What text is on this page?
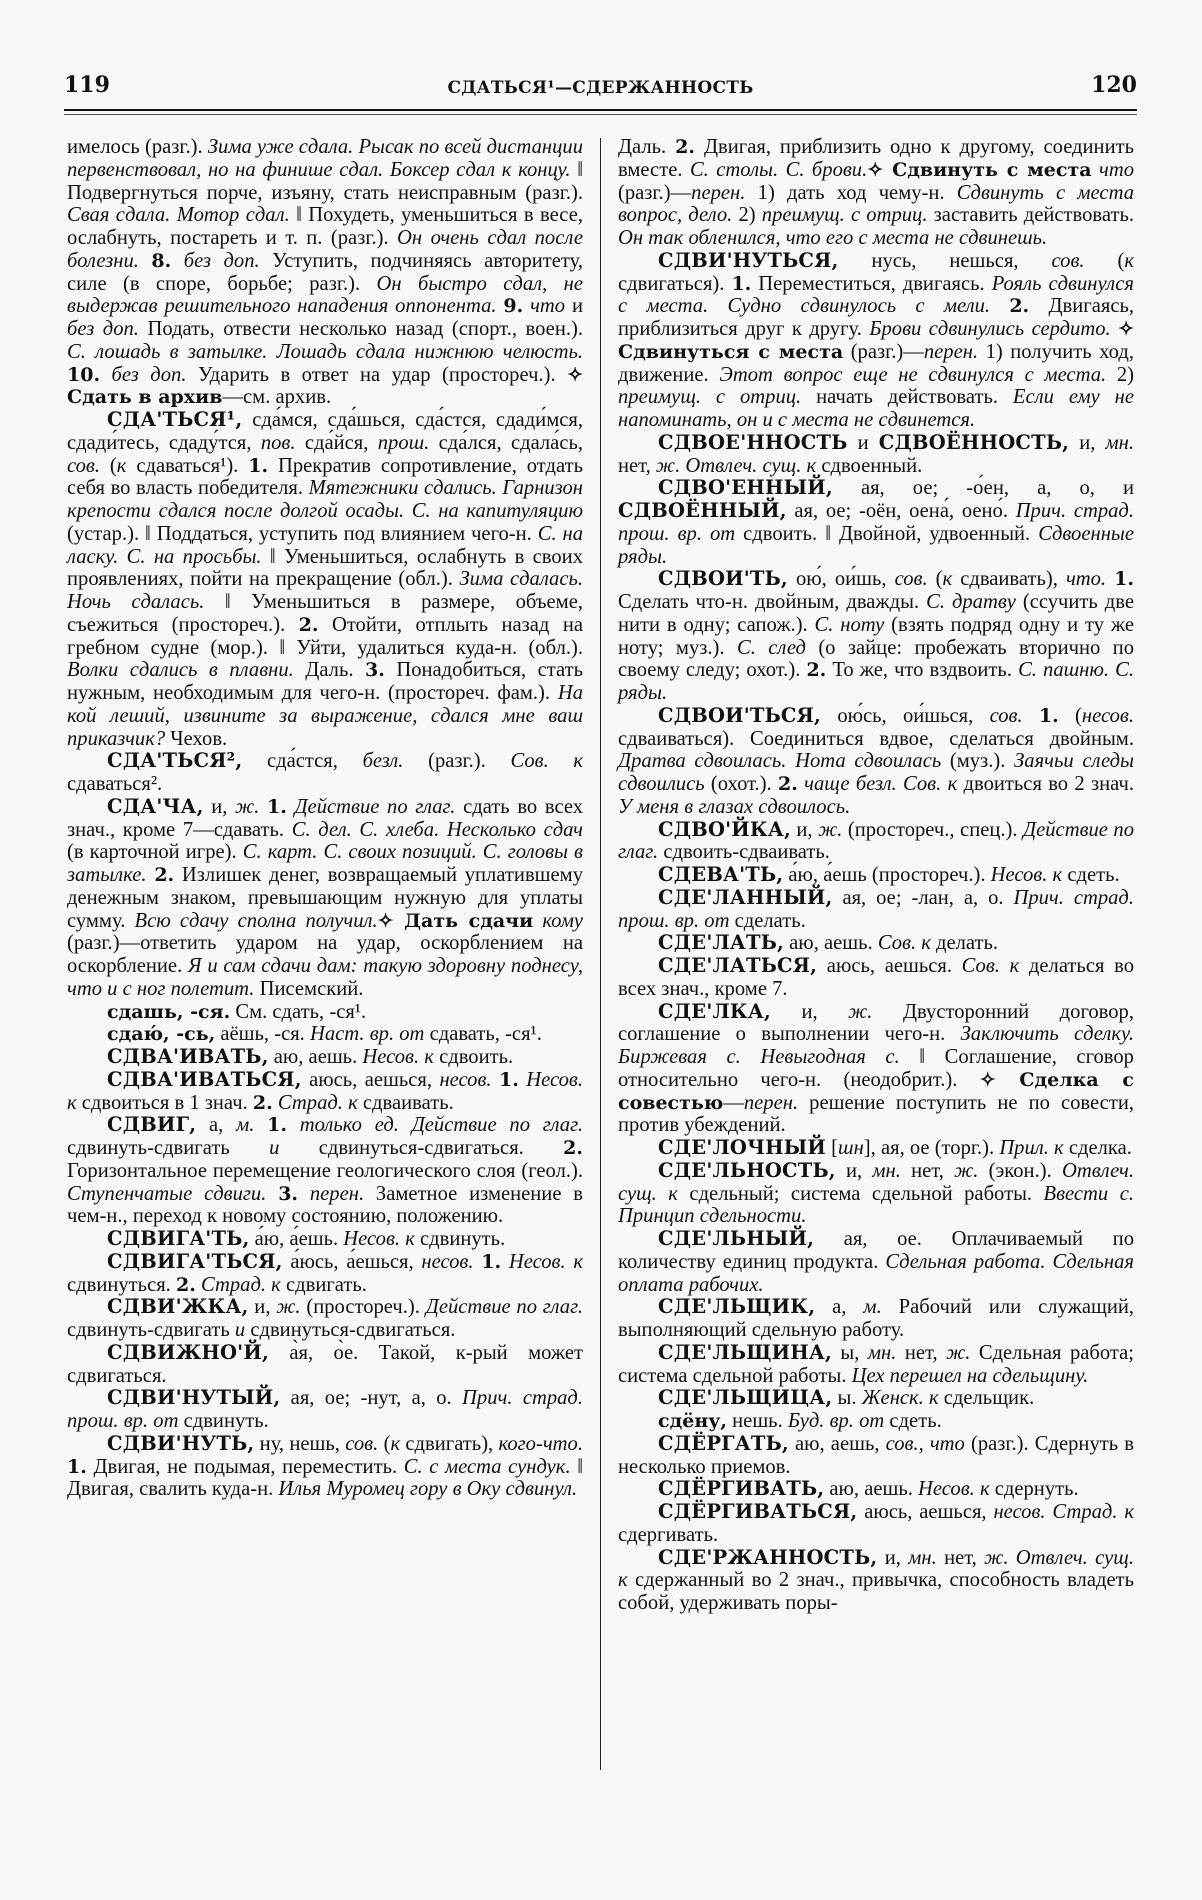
119	СДАТЬСЯ¹—СДЕРЖАННОСТЬ	120

имелось (разг.). Зима уже сдала. Рысак по всей дистанции первенствовал, но на финише сдал. Боксер сдал к концу. ‖ Подвергнуться порче, изъяну, стать неисправным (разг.). Свая сдала. Мотор сдал. ‖ Похудеть, уменьшиться в весе, ослабнуть, постареть и т. п. (разг.). Он очень сдал после болезни. 8. без доп. Уступить, подчиняясь авторитету, силе (в споре, борьбе; разг.). Он быстро сдал, не выдержав решительного нападения оппонента. 9. что и без доп. Подать, отвести несколько назад (спорт., воен.). С. лошадь в затылке. Лошадь сдала нижнюю челюсть. 10. без доп. Ударить в ответ на удар (простореч.). ✧ Сдать в архив—см. архив.

СДА'ТЬСЯ¹, сда́мся, сда́шься, сда́стся, сдади́мся, сдади́тесь, сдаду́тся, пов. сда́йся, прош. сда́лся, сдала́сь, сов. (к сдаваться¹). 1. Прекратив сопротивление, отдать себя во власть победителя. Мятежники сдались. Гарнизон крепости сдался после долгой осады. С. на капитуляцию (устар.). ‖ Поддаться, уступить под влиянием чего-н. С. на ласку. С. на просьбы. ‖ Уменьшиться, ослабнуть в своих проявлениях, пойти на прекращение (обл.). Зима сдалась. Ночь сдалась. ‖ Уменьшиться в размере, объеме, съежиться (простореч.). 2. Отойти, отплыть назад на гребном судне (мор.). ‖ Уйти, удалиться куда-н. (обл.). Волки сдались в плавни. Даль. 3. Понадобиться, стать нужным, необходимым для чего-н. (простореч. фам.). На кой леший, извините за выражение, сдался мне ваш приказчик? Чехов.

СДА'ТЬСЯ², сда́стся, безл. (разг.). Сов. к сдаваться².

СДА'ЧА, и, ж. 1. Действие по глаг. сдать во всех знач., кроме 7—сдавать. С. дел. С. хлеба. Несколько сдач (в карточной игре). С. карт. С. своих позиций. С. головы в затылке. 2. Излишек денег, возвращаемый уплатившему денежным знаком, превышающим нужную для уплаты сумму. Всю сдачу сполна получил.✧ Дать сдачи кому (разг.)—ответить ударом на удар, оскорблением на оскорбление. Я и сам сдачи дам: такую здоровну поднесу, что и с ног полетит. Писемский.

сдашь, -ся. См. сдать, -ся¹.

сдаю́, -сь, аёшь, -ся. Наст. вр. от сдавать, -ся¹.

СДВА'ИВАТЬ, аю, аешь. Несов. к сдвоить.

СДВА'ИВАТЬСЯ, аюсь, аешься, несов. 1. Несов. к сдвоиться в 1 знач. 2. Страд. к сдваивать.

СДВИГ, а, м. 1. только ед. Действие по глаг. сдвинуть-сдвигать и сдвинуться-сдвигаться. 2. Горизонтальное перемещение геологического слоя (геол.). Ступенчатые сдвиги. 3. перен. Заметное изменение в чем-н., переход к новому состоянию, положению.

СДВИГА'ТЬ, а́ю, а́ешь. Несов. к сдвинуть.

СДВИГА'ТЬСЯ, а́юсь, а́ешься, несов. 1. Несов. к сдвинуться. 2. Страд. к сдвигать.

СДВИ'ЖКА, и, ж. (простореч.). Действие по глаг. сдвинуть-сдвигать и сдвинуться-сдвигаться.

СДВИЖНО'Й, а̀я, о̀е. Такой, к-рый может сдвигаться.

СДВИ'НУТЫЙ, ая, ое; -нут, а, о. Прич. страд. прош. вр. от сдвинуть.

СДВИ'НУТЬ, ну, нешь, сов. (к сдвигать), кого-что. 1. Двигая, не подымая, переместить. С. с места сундук. ‖ Двигая, свалить куда-н. Илья Муромец гору в Оку сдвинул.

Даль. 2. Двигая, приблизить одно к другому, соединить вместе. С. столы. С. брови.✧ Сдвинуть с места что (разг.)—перен. 1) дать ход чему-н. Сдвинуть с места вопрос, дело. 2) преимущ. с отриц. заставить действовать. Он так обленился, что его с места не сдвинешь.

СДВИ'НУТЬСЯ, нусь, нешься, сов. (к сдвигаться). 1. Переместиться, двигаясь. Рояль сдвинулся с места. Судно сдвинулось с мели. 2. Двигаясь, приблизиться друг к другу. Брови сдвинулись сердито. ✧ Сдвинуться с места (разг.)—перен. 1) получить ход, движение. Этот вопрос еще не сдвинулся с места. 2) преимущ. с отриц. начать действовать. Если ему не напоминать, он и с места не сдвинется.

СДВОЕ'ННОСТЬ и СДВОЁННОСТЬ, и, мн. нет, ж. Отвлеч. сущ. к сдвоенный.

СДВО'ЕННЫЙ, ая, ое; -о́ен, а, о, и СДВОЁННЫЙ, ая, ое; -оён, оена́, оено́. Прич. страд. прош. вр. от сдвоить. ‖ Двойной, удвоенный. Сдвоенные ряды.

СДВОИ'ТЬ, ою́, ои́шь, сов. (к сдваивать), что. 1. Сделать что-н. двойным, дважды. С. дратву (ссучить две нити в одну; сапож.). С. ноту (взять подряд одну и ту же ноту; муз.). С. след (о зайце: пробежать вторично по своему следу; охот.). 2. То же, что вздвоить. С. пашню. С. ряды.

СДВОИ'ТЬСЯ, ою́сь, ои́шься, сов. 1. (несов. сдваиваться). Соединиться вдвое, сделаться двойным. Дратва сдвоилась. Нота сдвоилась (муз.). Заячьи следы сдвоились (охот.). 2. чаще безл. Сов. к двоиться во 2 знач. У меня в глазах сдвоилось.

СДВО'ЙКА, и, ж. (простореч., спец.). Действие по глаг. сдвоить-сдваивать.

СДЕВА'ТЬ, а́ю, а́ешь (простореч.). Несов. к сдеть.

СДЕ'ЛАННЫЙ, ая, ое; -лан, а, о. Прич. страд. прош. вр. от сделать.

СДЕ'ЛАТЬ, аю, аешь. Сов. к делать.

СДЕ'ЛАТЬСЯ, аюсь, аешься. Сов. к делаться во всех знач., кроме 7.

СДЕ'ЛКА, и, ж. Двусторонний договор, соглашение о выполнении чего-н. Заключить сделку. Биржевая с. Невыгодная с. ‖ Соглашение, сговор относительно чего-н. (неодобрит.). ✧ Сделка с совестью—перен. решение поступить не по совести, против убеждений.

СДЕ'ЛОЧНЫЙ [шн], ая, ое (торг.). Прил. к сделка.

СДЕ'ЛЬНОСТЬ, и, мн. нет, ж. (экон.). Отвлеч. сущ. к сдельный; система сдельной работы. Ввести с. Принцип сдельности.

СДЕ'ЛЬНЫЙ, ая, ое. Оплачиваемый по количеству единиц продукта. Сдельная работа. Сдельная оплата рабочих.

СДЕ'ЛЬЩИК, а, м. Рабочий или служащий, выполняющий сдельную работу.

СДЕ'ЛЬЩИНА, ы, мн. нет, ж. Сдельная работа; система сдельной работы. Цех перешел на сдельщину.

СДЕ'ЛЬЩИЦА, ы. Женск. к сдельщик.

сдёну, нешь. Буд. вр. от сдеть.

СДЁРГАТЬ, аю, аешь, сов., что (разг.). Сдернуть в несколько приемов.

СДЁРГИВАТЬ, аю, аешь. Несов. к сдернуть.

СДЁРГИВАТЬСЯ, аюсь, аешься, несов. Страд. к сдергивать.

СДЕ'РЖАННОСТЬ, и, мн. нет, ж. Отвлеч. сущ. к сдержанный во 2 знач., привычка, способность владеть собой, удерживать поры-
